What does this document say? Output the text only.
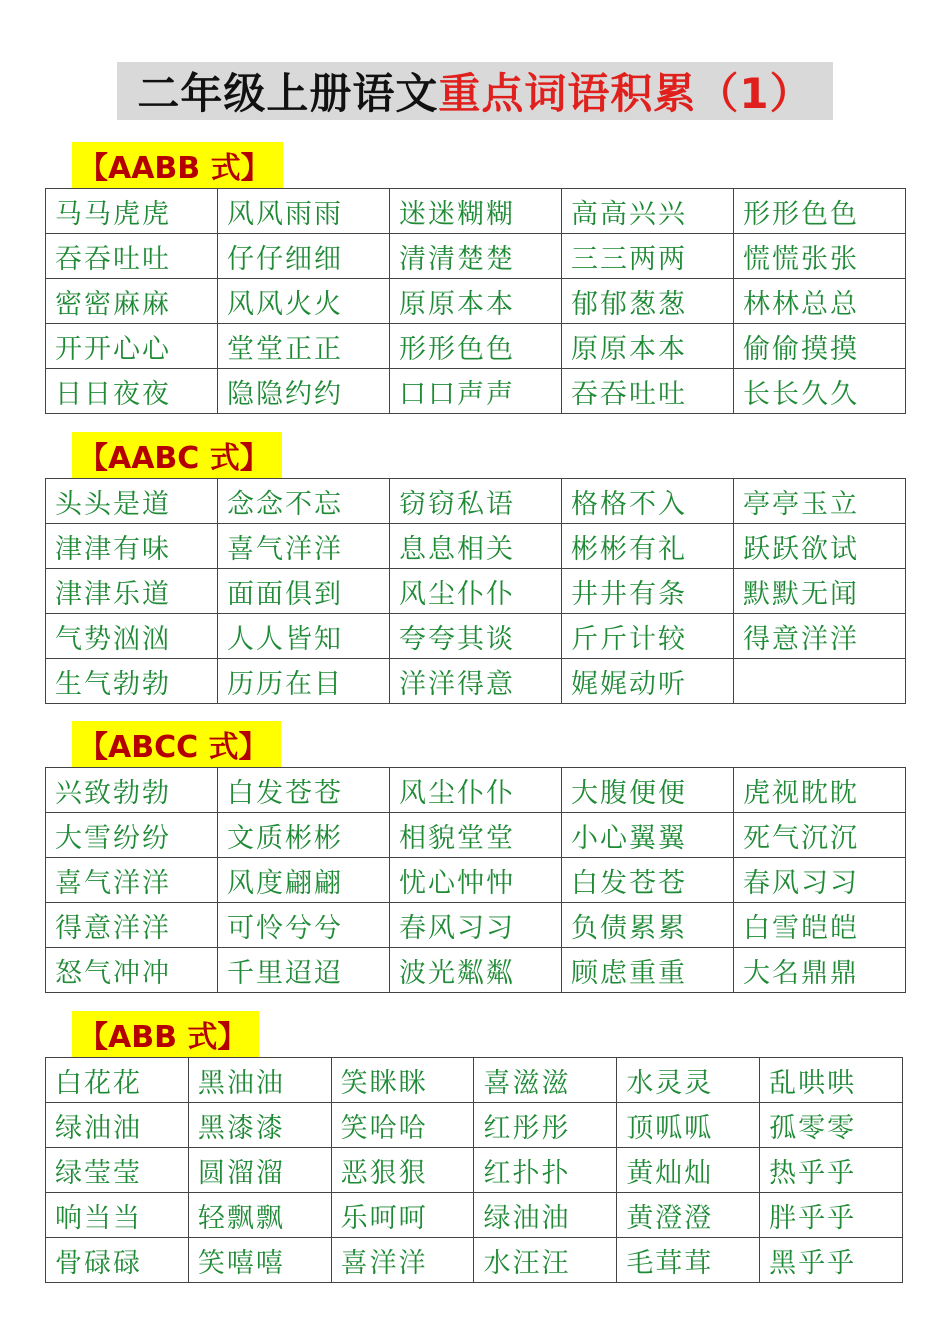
二年级上册语文 重点词语积累（1）
【AABB 式】
马马虎虎	风风雨雨	迷迷糊糊	高高兴兴	形形色色
吞吞吐吐	仔仔细细	清清楚楚	三三两两	慌慌张张
密密麻麻	风风火火	原原本本	郁郁葱葱	林林总总
开开心心	堂堂正正	形形色色	原原本本	偷偷摸摸
日日夜夜	隐隐约约	口口声声	吞吞吐吐	长长久久
【AABC 式】
头头是道	念念不忘	窃窃私语	格格不入	亭亭玉立
津津有味	喜气洋洋	息息相关	彬彬有礼	跃跃欲试
津津乐道	面面俱到	风尘仆仆	井井有条	默默无闻
气势汹汹	人人皆知	夸夸其谈	斤斤计较	得意洋洋
生气勃勃	历历在目	洋洋得意	娓娓动听	
【ABCC 式】
兴致勃勃	白发苍苍	风尘仆仆	大腹便便	虎视眈眈
大雪纷纷	文质彬彬	相貌堂堂	小心翼翼	死气沉沉
喜气洋洋	风度翩翩	忧心忡忡	白发苍苍	春风习习
得意洋洋	可怜兮兮	春风习习	负债累累	白雪皑皑
怒气冲冲	千里迢迢	波光粼粼	顾虑重重	大名鼎鼎
【ABB 式】
白花花	黑油油	笑眯眯	喜滋滋	水灵灵	乱哄哄
绿油油	黑漆漆	笑哈哈	红彤彤	顶呱呱	孤零零
绿莹莹	圆溜溜	恶狠狠	红扑扑	黄灿灿	热乎乎
响当当	轻飘飘	乐呵呵	绿油油	黄澄澄	胖乎乎
骨碌碌	笑嘻嘻	喜洋洋	水汪汪	毛茸茸	黑乎乎
